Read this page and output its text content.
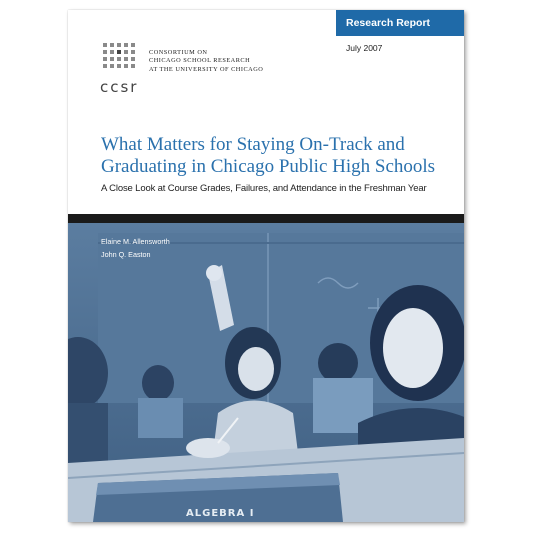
Research Report
July 2007
ccsr
CONSORTIUM ON
CHICAGO SCHOOL RESEARCH
AT THE UNIVERSITY OF CHICAGO
What Matters for Staying On-Track and
Graduating in Chicago Public High Schools
A Close Look at Course Grades, Failures, and Attendance in the Freshman Year
Elaine M. Allensworth
John Q. Easton
ALGEBRA I
